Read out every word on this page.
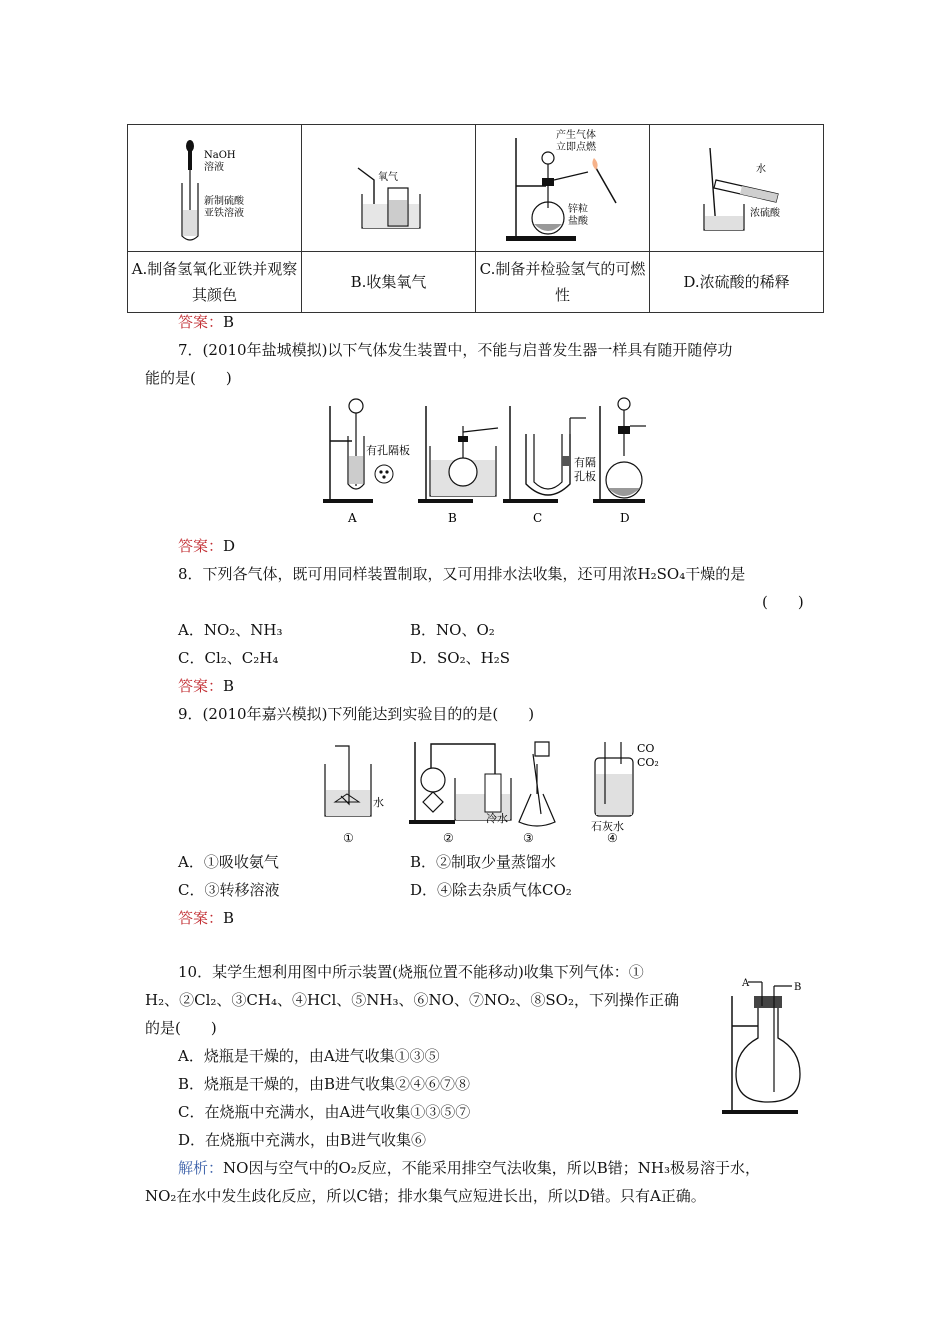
NaOH
溶液
新制硫酸
亚铁溶液	氧气	产生气体
立即点燃
锌粒
盐酸	水
浓硫酸

A.制备氢氧化亚铁并观察其颜色	B.收集氧气	C.制备并检验氢气的可燃性	D.浓硫酸的稀释
答案：B
7．(2010年盐城模拟)以下气体发生装置中，不能与启普发生器一样具有随开随停功
能的是(　　)
有孔隔板
有隔
孔板
A	B	C	D
答案：D
8．下列各气体，既可用同样装置制取，又可用排水法收集，还可用浓H₂SO₄干燥的是
(　　)
A．NO₂、NH₃	B．NO、O₂
C．Cl₂、C₂H₄	D．SO₂、H₂S
答案：B
9．(2010年嘉兴模拟)下列能达到实验目的的是(　　)
水
冷水
CO
CO₂
石灰水
①	②	③	④
A．①吸收氨气	B．②制取少量蒸馏水
C．③转移溶液	D．④除去杂质气体CO₂
答案：B
10．某学生想利用图中所示装置(烧瓶位置不能移动)收集下列气体：①
H₂、②Cl₂、③CH₄、④HCl、⑤NH₃、⑥NO、⑦NO₂、⑧SO₂，下列操作正确
的是(　　)
A．烧瓶是干燥的，由A进气收集①③⑤
B．烧瓶是干燥的，由B进气收集②④⑥⑦⑧
C．在烧瓶中充满水，由A进气收集①③⑤⑦
D．在烧瓶中充满水，由B进气收集⑥
A	B
解析：NO因与空气中的O₂反应，不能采用排空气法收集，所以B错；NH₃极易溶于水，
NO₂在水中发生歧化反应，所以C错；排水集气应短进长出，所以D错。只有A正确。
